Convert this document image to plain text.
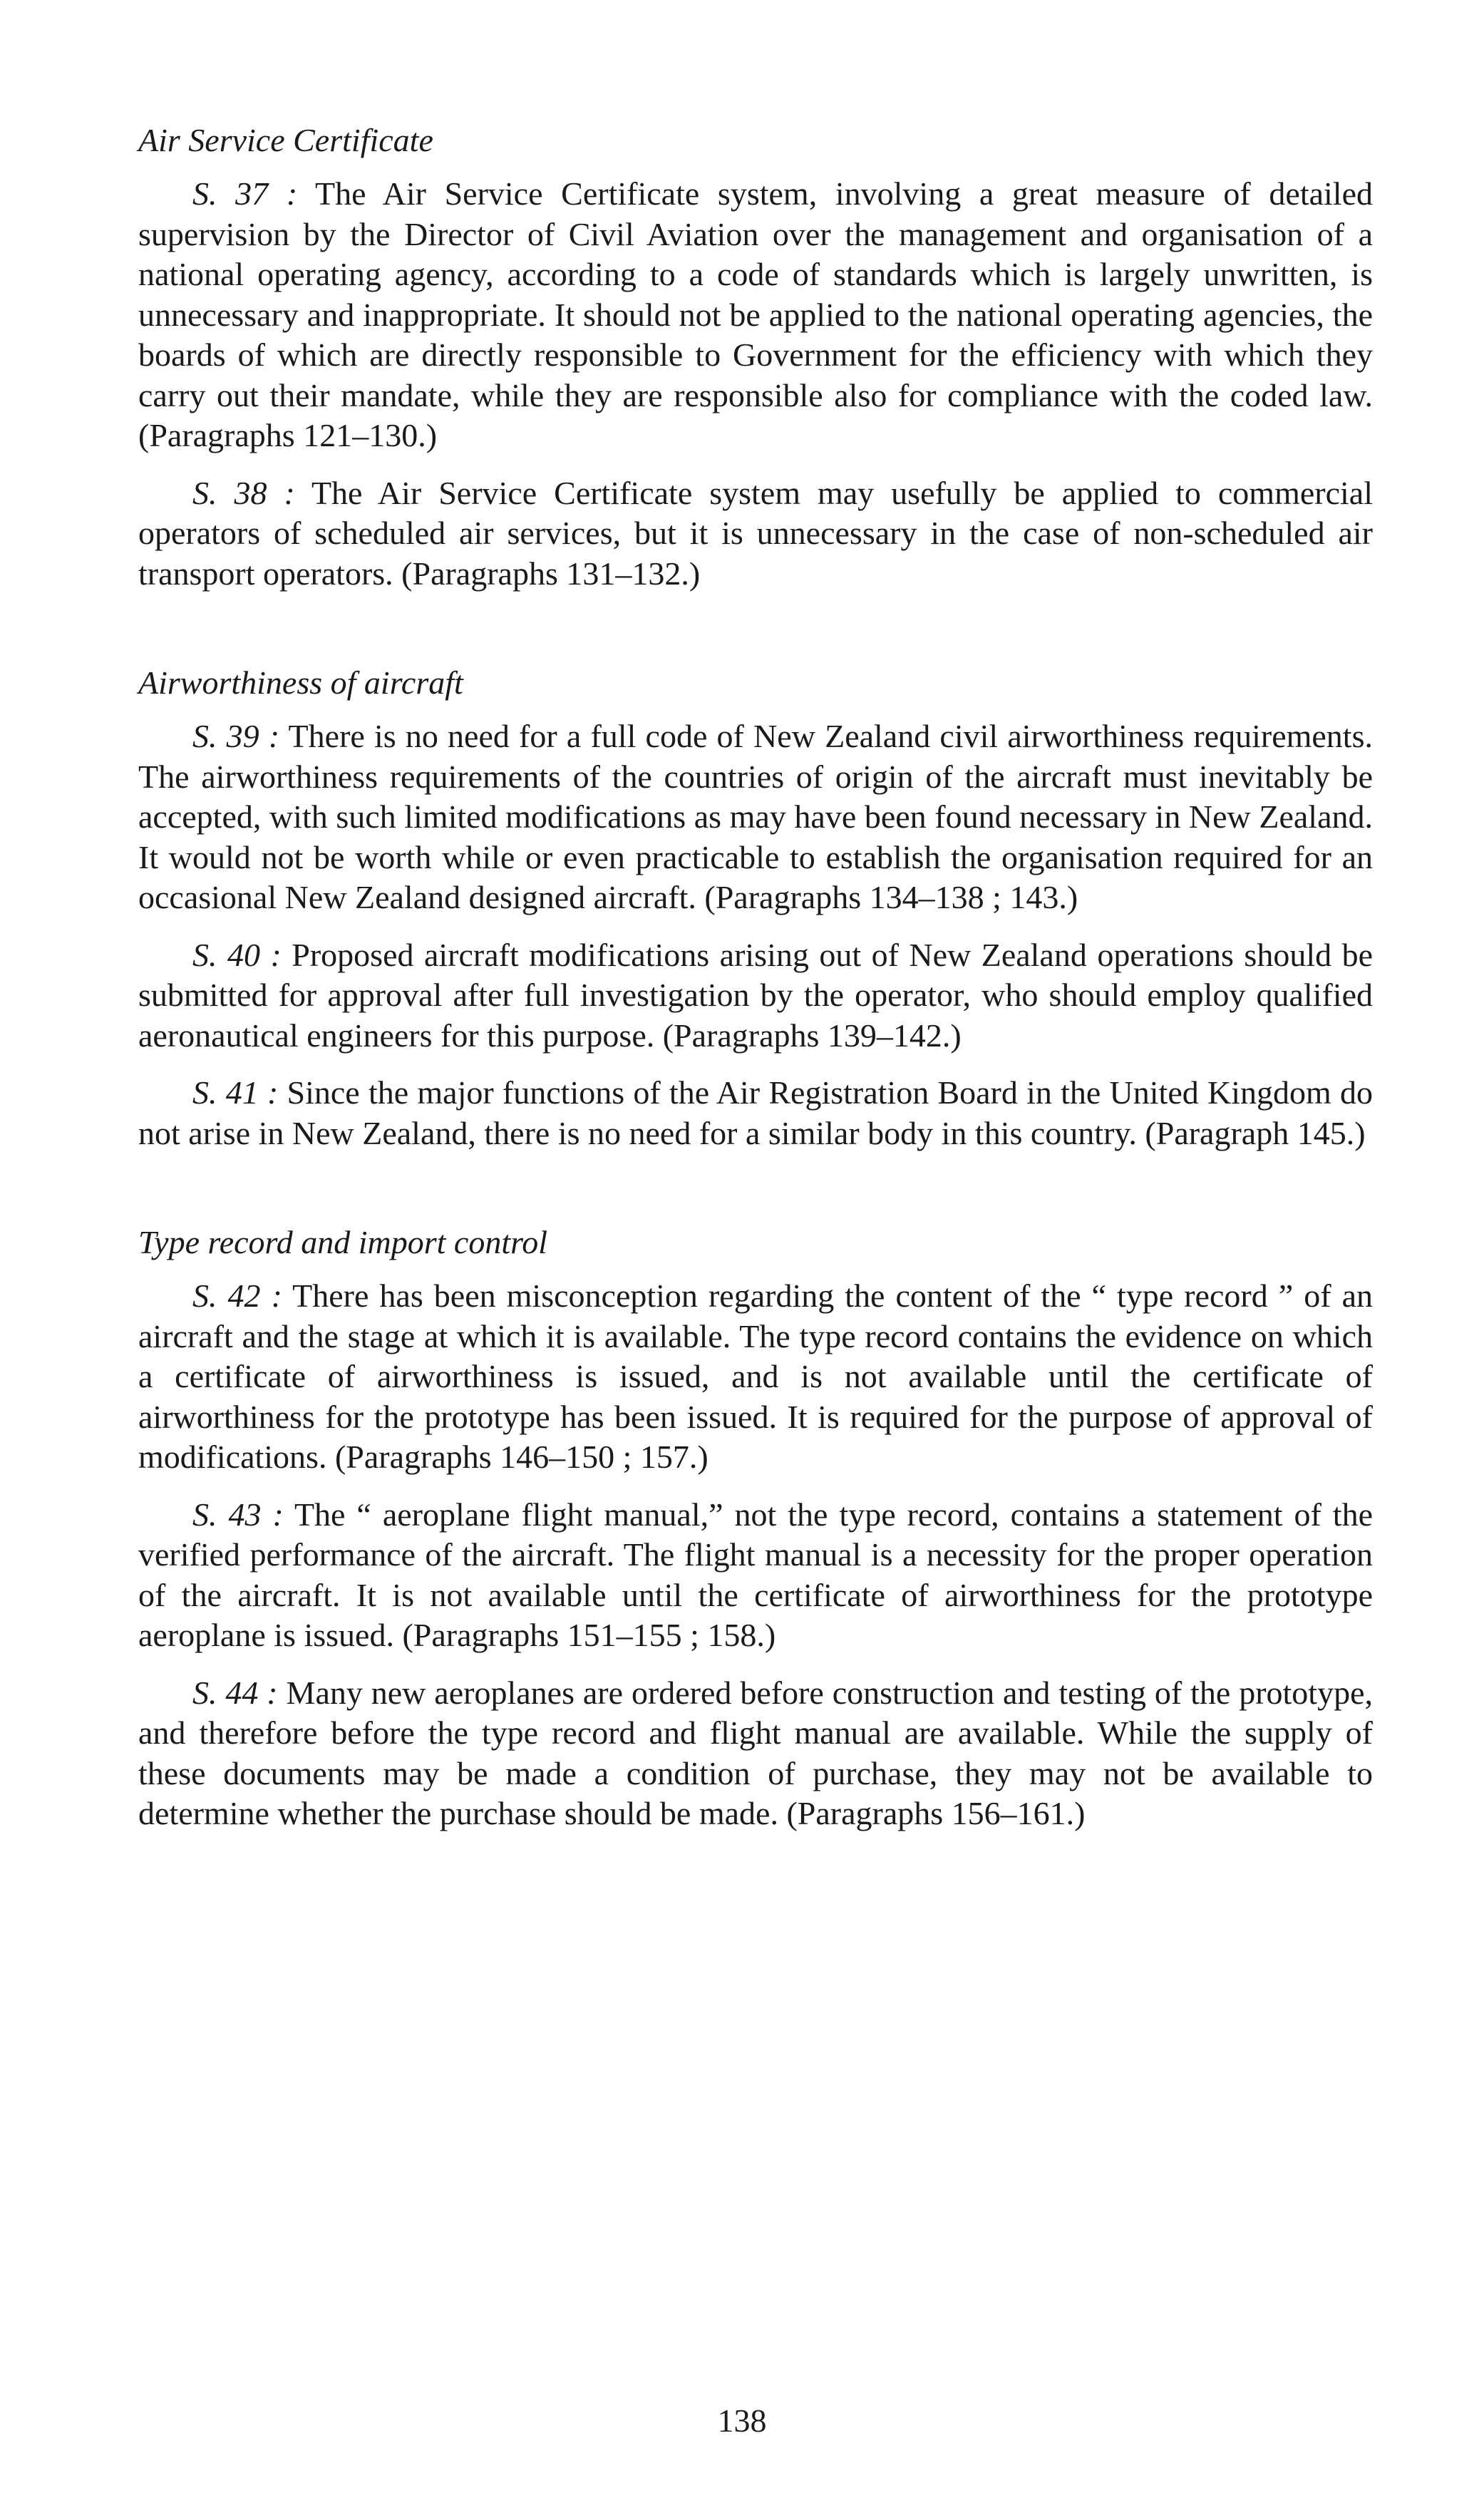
Air Service Certificate

S. 37 : The Air Service Certificate system, involving a great measure of detailed supervision by the Director of Civil Aviation over the management and organisation of a national operating agency, according to a code of standards which is largely unwritten, is unnecessary and inappropriate. It should not be applied to the national operating agencies, the boards of which are directly responsible to Government for the efficiency with which they carry out their mandate, while they are responsible also for compliance with the coded law. (Paragraphs 121–130.)

S. 38 : The Air Service Certificate system may usefully be applied to commercial operators of scheduled air services, but it is unnecessary in the case of non-scheduled air transport operators. (Paragraphs 131–132.)

Airworthiness of aircraft

S. 39 : There is no need for a full code of New Zealand civil airworthiness requirements. The airworthiness requirements of the countries of origin of the aircraft must inevitably be accepted, with such limited modifications as may have been found necessary in New Zealand. It would not be worth while or even practicable to establish the organisation required for an occasional New Zealand designed aircraft. (Paragraphs 134–138 ; 143.)

S. 40 : Proposed aircraft modifications arising out of New Zealand operations should be submitted for approval after full investigation by the operator, who should employ qualified aeronautical engineers for this purpose. (Paragraphs 139–142.)

S. 41 : Since the major functions of the Air Registration Board in the United Kingdom do not arise in New Zealand, there is no need for a similar body in this country. (Paragraph 145.)

Type record and import control

S. 42 : There has been misconception regarding the content of the “ type record ” of an aircraft and the stage at which it is available. The type record contains the evidence on which a certificate of airworthiness is issued, and is not available until the certificate of airworthiness for the prototype has been issued. It is required for the purpose of approval of modifications. (Paragraphs 146–150 ; 157.)

S. 43 : The “ aeroplane flight manual,” not the type record, contains a statement of the verified performance of the aircraft. The flight manual is a necessity for the proper operation of the aircraft. It is not available until the certificate of airworthiness for the prototype aeroplane is issued. (Paragraphs 151–155 ; 158.)

S. 44 : Many new aeroplanes are ordered before construction and testing of the prototype, and therefore before the type record and flight manual are available. While the supply of these documents may be made a condition of purchase, they may not be available to determine whether the purchase should be made. (Paragraphs 156–161.)

138
